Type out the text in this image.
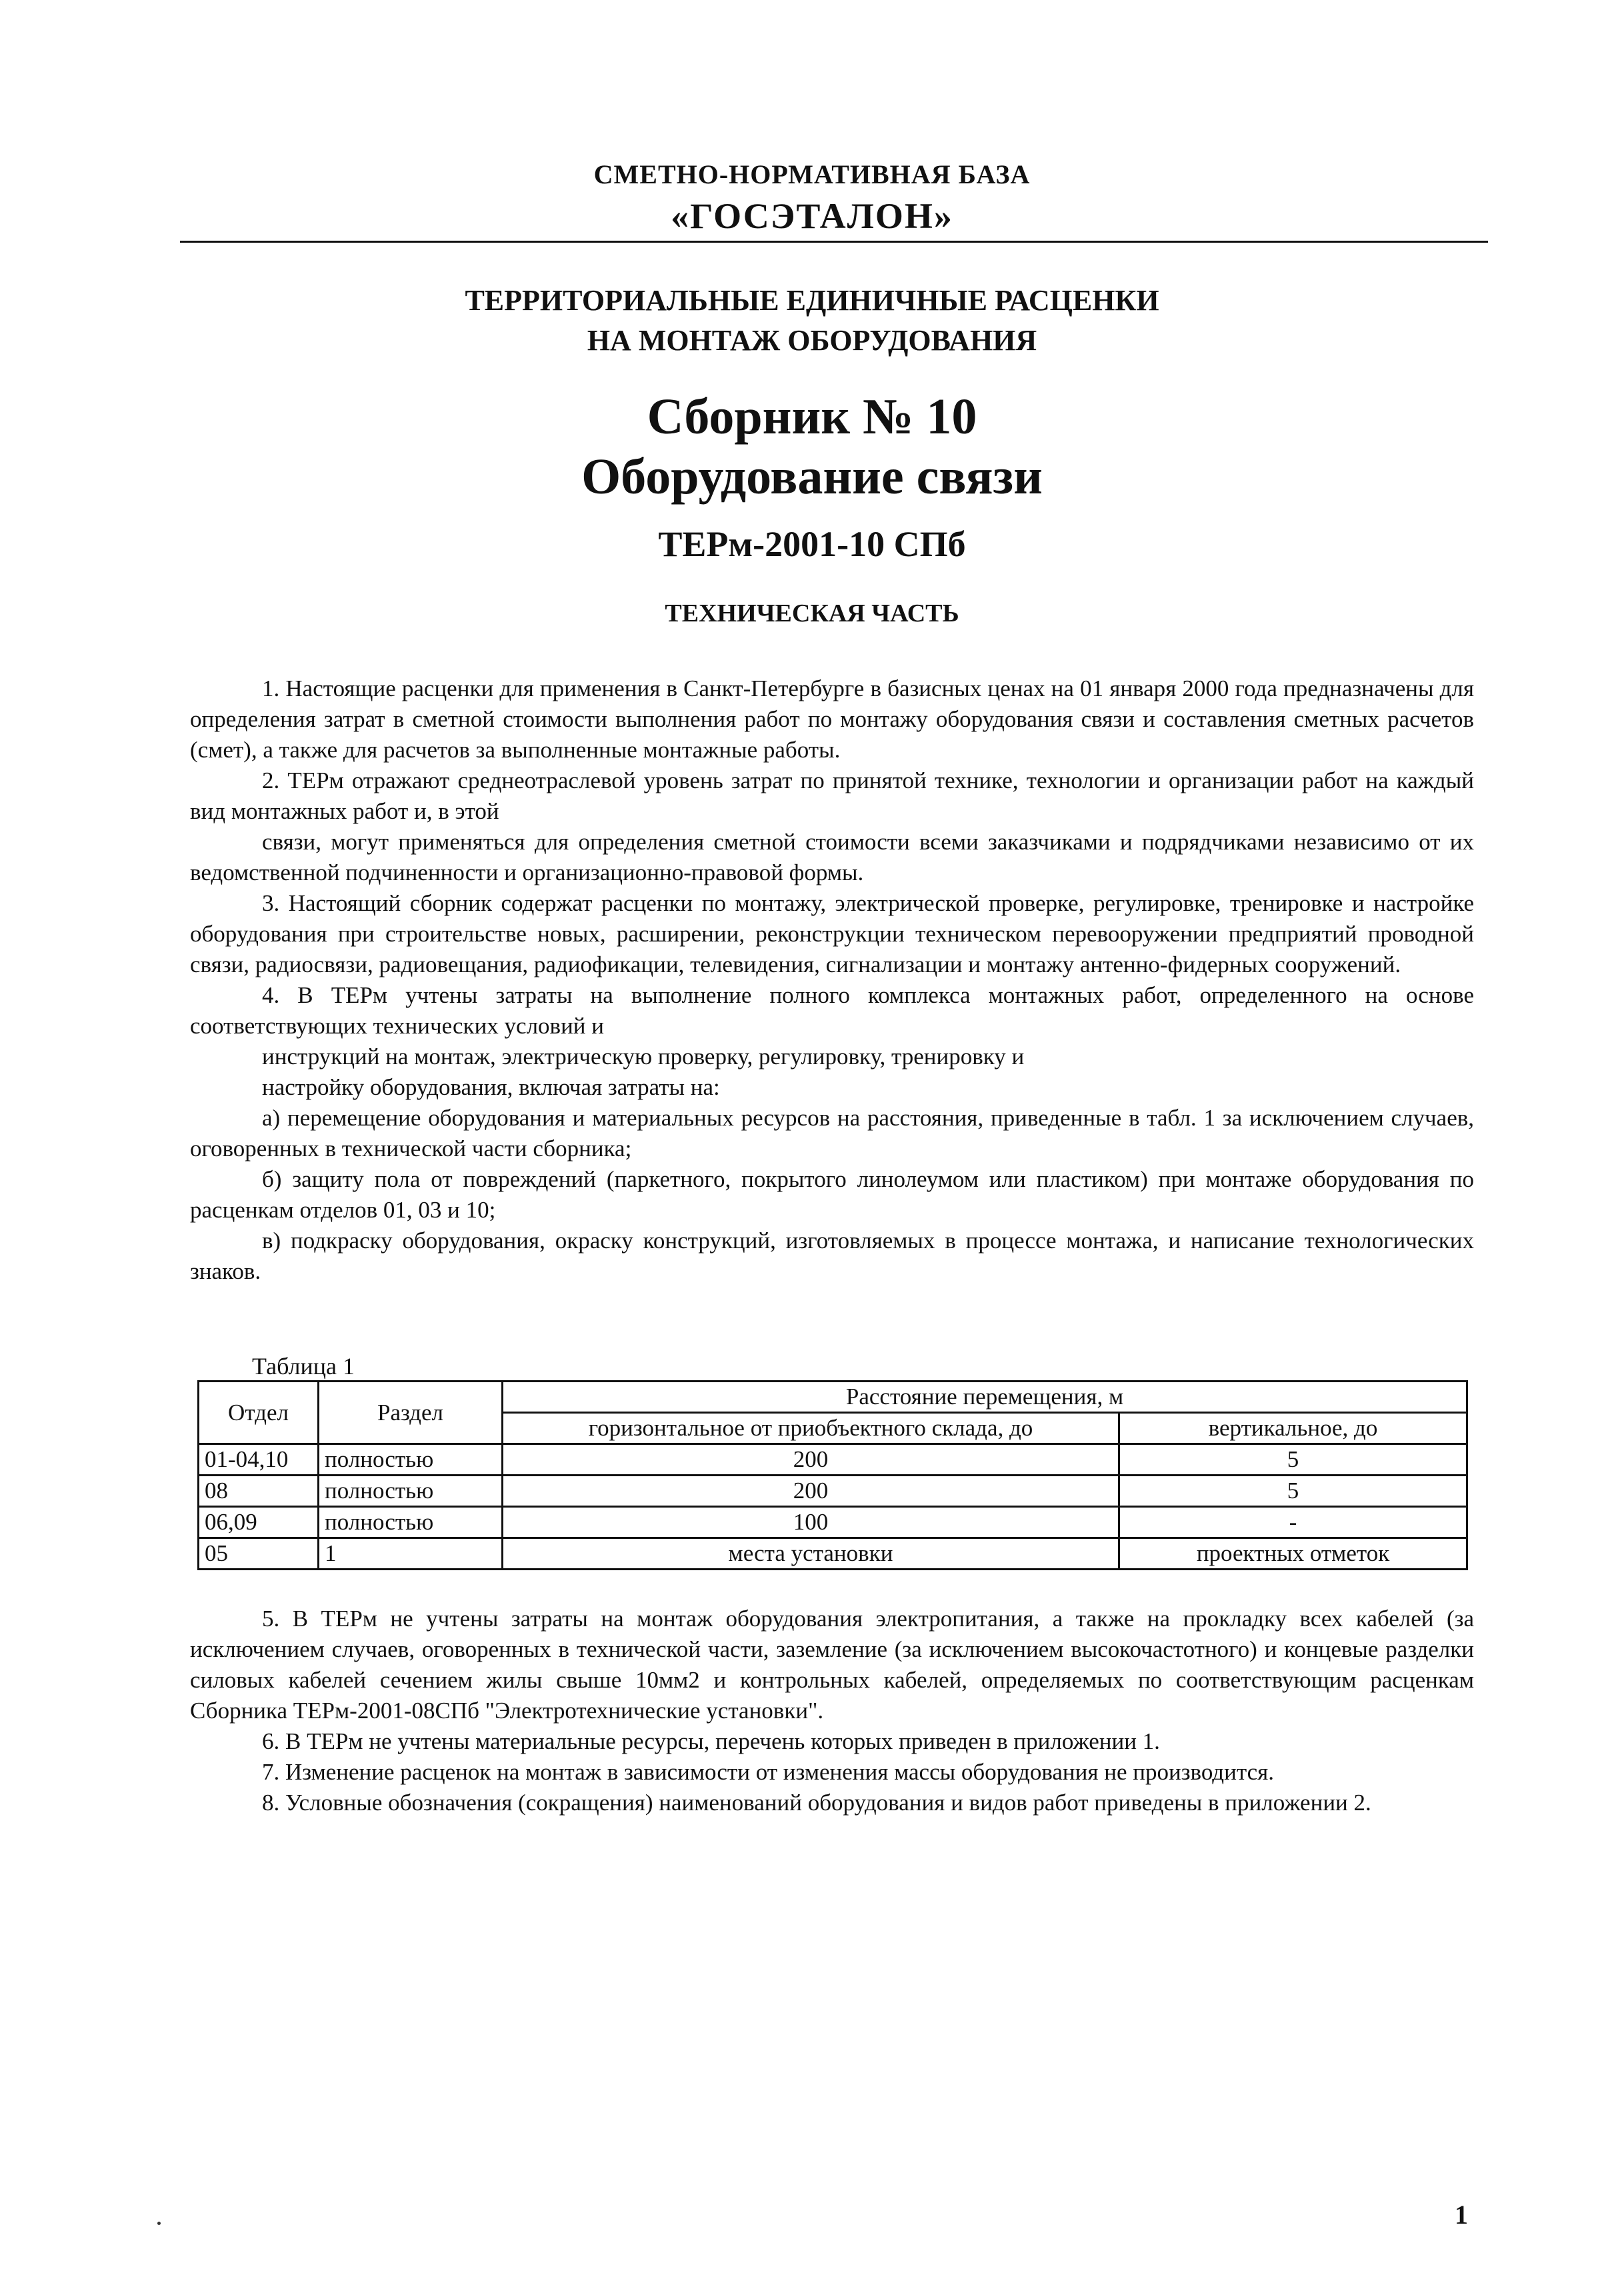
СМЕТНО-НОРМАТИВНАЯ БАЗА
«ГОСЭТАЛОН»
ТЕРРИТОРИАЛЬНЫЕ ЕДИНИЧНЫЕ РАСЦЕНКИ
НА МОНТАЖ ОБОРУДОВАНИЯ
Сборник № 10
Оборудование связи
ТЕРм-2001-10 СПб
ТЕХНИЧЕСКАЯ ЧАСТЬ

1. Настоящие расценки для применения в Санкт-Петербурге в базисных ценах на 01 января 2000 года предназначены для определения затрат в сметной стоимости выполнения работ по монтажу оборудования связи и составления сметных расчетов (смет), а также для расчетов за выполненные монтажные работы.

2. ТЕРм отражают среднеотраслевой уровень затрат по принятой технике, технологии и организации работ на каждый вид монтажных работ и, в этой

связи, могут применяться для определения сметной стоимости всеми заказчиками и подрядчиками независимо от их ведомственной подчиненности и организационно-правовой формы.

3. Настоящий сборник содержат расценки по монтажу, электрической проверке, регулировке, тренировке и настройке оборудования при строительстве новых, расширении, реконструкции техническом перевооружении предприятий проводной связи, радиосвязи, радиовещания, радиофикации, телевидения, сигнализации и монтажу антенно-фидерных сооружений.

4. В ТЕРм учтены затраты на выполнение полного комплекса монтажных работ, определенного на основе соответствующих технических условий и

инструкций на монтаж, электрическую проверку, регулировку, тренировку и

настройку оборудования, включая затраты на:

а) перемещение оборудования и материальных ресурсов на расстояния, приведенные в табл. 1 за исключением случаев, оговоренных в технической части сборника;

б) защиту пола от повреждений (паркетного, покрытого линолеумом или пластиком) при монтаже оборудования по расценкам отделов 01, 03 и 10;

в) подкраску оборудования, окраску конструкций, изготовляемых в процессе монтажа, и написание технологических знаков.

Таблица 1
Отдел	Раздел	Расстояние перемещения, м	
		горизонтальное от приобъектного склада, до	вертикальное, до
01-04,10	полностью	200	5
08	полностью	200	5
06,09	полностью	100	-
05	1	места установки	проектных отметок

5. В ТЕРм не учтены затраты на монтаж оборудования электропитания, а также на прокладку всех кабелей (за исключением случаев, оговоренных в технической части, заземление (за исключением высокочастотного) и концевые разделки силовых кабелей сечением жилы свыше 10мм2 и контрольных кабелей, определяемых по соответствующим расценкам Сборника ТЕРм-2001-08СПб "Электротехнические установки".

6. В ТЕРм не учтены материальные ресурсы, перечень которых приведен в приложении 1.

7. Изменение расценок на монтаж в зависимости от изменения массы оборудования не производится.

8. Условные обозначения (сокращения) наименований оборудования и видов работ приведены в приложении 2.

1
